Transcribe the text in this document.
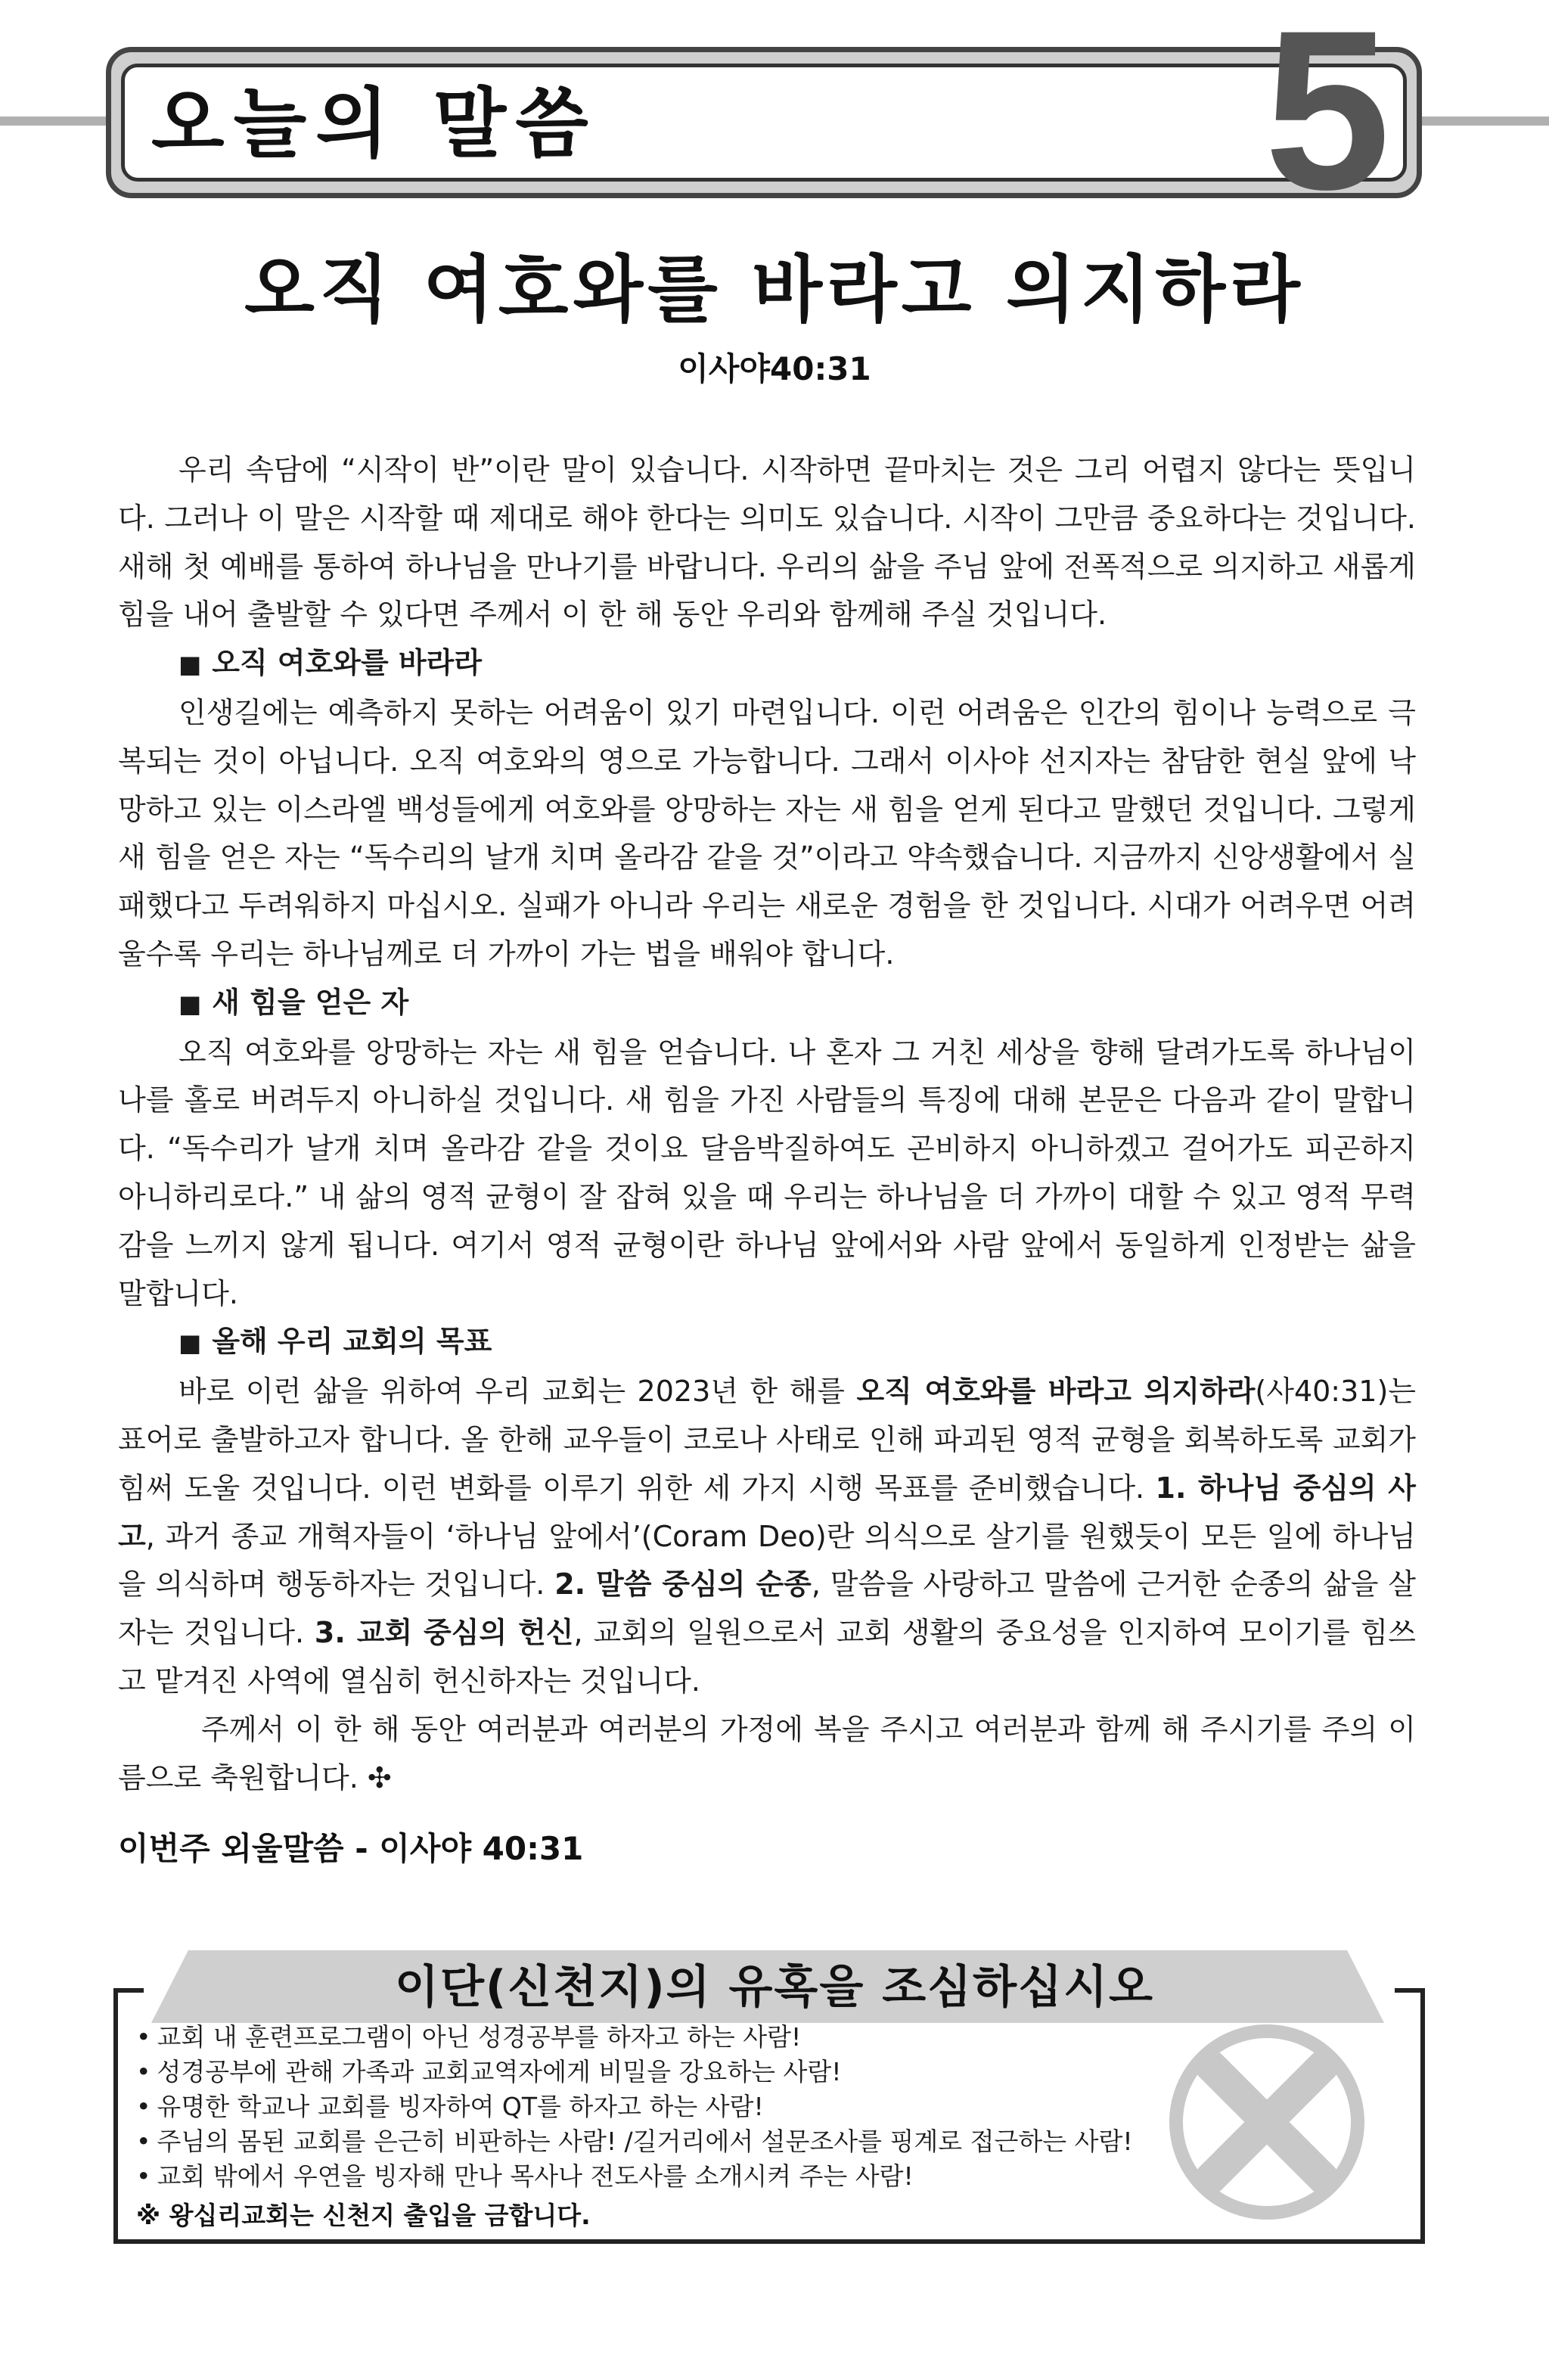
오늘의 말씀	5
오직 여호와를 바라고 의지하라
이사야40:31

우리 속담에 “시작이 반”이란 말이 있습니다. 시작하면 끝마치는 것은 그리 어렵지 않다는 뜻입니다. 그러나 이 말은 시작할 때 제대로 해야 한다는 의미도 있습니다. 시작이 그만큼 중요하다는 것입니다. 새해 첫 예배를 통하여 하나님을 만나기를 바랍니다. 우리의 삶을 주님 앞에 전폭적으로 의지하고 새롭게 힘을 내어 출발할 수 있다면 주께서 이 한 해 동안 우리와 함께해 주실 것입니다.

■ 오직 여호와를 바라라

인생길에는 예측하지 못하는 어려움이 있기 마련입니다. 이런 어려움은 인간의 힘이나 능력으로 극복되는 것이 아닙니다. 오직 여호와의 영으로 가능합니다. 그래서 이사야 선지자는 참담한 현실 앞에 낙망하고 있는 이스라엘 백성들에게 여호와를 앙망하는 자는 새 힘을 얻게 된다고 말했던 것입니다. 그렇게 새 힘을 얻은 자는 “독수리의 날개 치며 올라감 같을 것”이라고 약속했습니다. 지금까지 신앙생활에서 실패했다고 두려워하지 마십시오. 실패가 아니라 우리는 새로운 경험을 한 것입니다. 시대가 어려우면 어려울수록 우리는 하나님께로 더 가까이 가는 법을 배워야 합니다.

■ 새 힘을 얻은 자

오직 여호와를 앙망하는 자는 새 힘을 얻습니다. 나 혼자 그 거친 세상을 향해 달려가도록 하나님이 나를 홀로 버려두지 아니하실 것입니다. 새 힘을 가진 사람들의 특징에 대해 본문은 다음과 같이 말합니다. “독수리가 날개 치며 올라감 같을 것이요 달음박질하여도 곤비하지 아니하겠고 걸어가도 피곤하지 아니하리로다.” 내 삶의 영적 균형이 잘 잡혀 있을 때 우리는 하나님을 더 가까이 대할 수 있고 영적 무력감을 느끼지 않게 됩니다. 여기서 영적 균형이란 하나님 앞에서와 사람 앞에서 동일하게 인정받는 삶을 말합니다.

■ 올해 우리 교회의 목표

바로 이런 삶을 위하여 우리 교회는 2023년 한 해를 오직 여호와를 바라고 의지하라(사40:31)는 표어로 출발하고자 합니다. 올 한해 교우들이 코로나 사태로 인해 파괴된 영적 균형을 회복하도록 교회가 힘써 도울 것입니다. 이런 변화를 이루기 위한 세 가지 시행 목표를 준비했습니다. 1. 하나님 중심의 사고, 과거 종교 개혁자들이 ‘하나님 앞에서’(Coram Deo)란 의식으로 살기를 원했듯이 모든 일에 하나님을 의식하며 행동하자는 것입니다. 2. 말씀 중심의 순종, 말씀을 사랑하고 말씀에 근거한 순종의 삶을 살자는 것입니다. 3. 교회 중심의 헌신, 교회의 일원으로서 교회 생활의 중요성을 인지하여 모이기를 힘쓰고 맡겨진 사역에 열심히 헌신하자는 것입니다.

주께서 이 한 해 동안 여러분과 여러분의 가정에 복을 주시고 여러분과 함께 해 주시기를 주의 이름으로 축원합니다. ✣

이번주 외울말씀 - 이사야 40:31
이단(신천지)의 유혹을 조심하십시오
• 교회 내 훈련프로그램이 아닌 성경공부를 하자고 하는 사람!
• 성경공부에 관해 가족과 교회교역자에게 비밀을 강요하는 사람!
• 유명한 학교나 교회를 빙자하여 QT를 하자고 하는 사람!
• 주님의 몸된 교회를 은근히 비판하는 사람! /길거리에서 설문조사를 핑계로 접근하는 사람!
• 교회 밖에서 우연을 빙자해 만나 목사나 전도사를 소개시켜 주는 사람!
※ 왕십리교회는 신천지 출입을 금합니다.
